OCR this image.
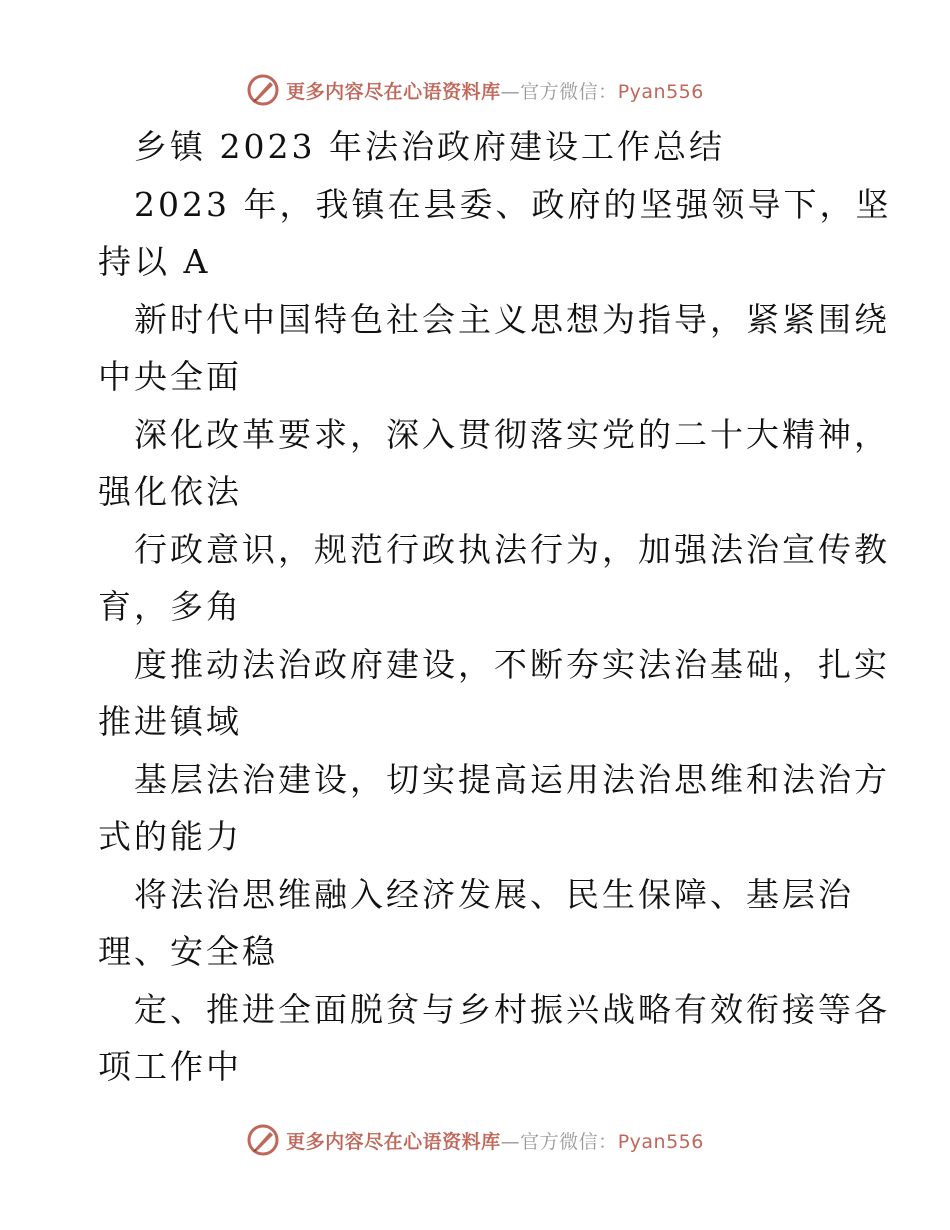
更多内容尽在心语资料库—官方微信：Pyan556
乡镇 2023 年法治政府建设工作总结
2023 年，我镇在县委、政府的坚强领导下，坚
持以 A
新时代中国特色社会主义思想为指导，紧紧围绕
中央全面
深化改革要求，深入贯彻落实党的二十大精神，
强化依法
行政意识，规范行政执法行为，加强法治宣传教
育，多角
度推动法治政府建设，不断夯实法治基础，扎实
推进镇域
基层法治建设，切实提高运用法治思维和法治方
式的能力
将法治思维融入经济发展、民生保障、基层治
理、安全稳
定、推进全面脱贫与乡村振兴战略有效衔接等各
项工作中
更多内容尽在心语资料库—官方微信：Pyan556
